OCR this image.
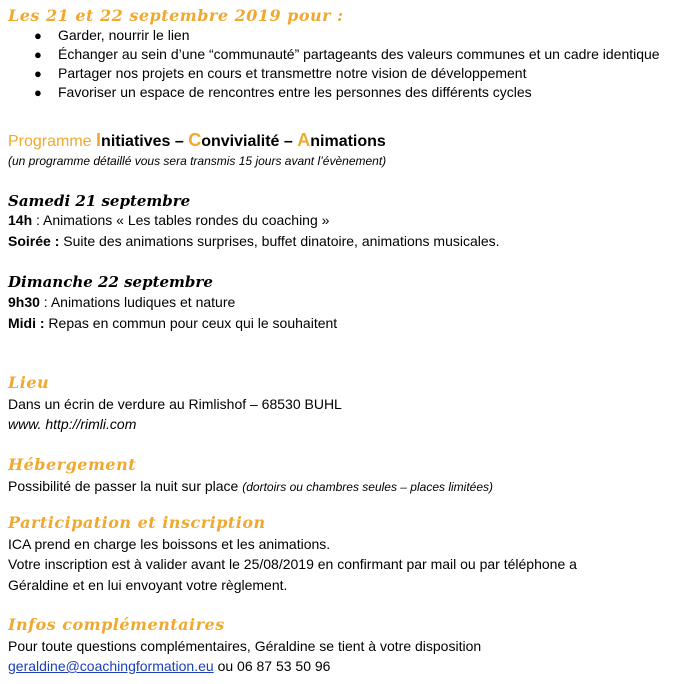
Les 21 et 22 septembre 2019 pour :
● Garder, nourrir le lien
● Échanger au sein d’une “communauté” partageants des valeurs communes et un cadre identique
● Partager nos projets en cours et transmettre notre vision de développement
● Favoriser un espace de rencontres entre les personnes des différents cycles
Programme Initiatives – Convivialité – Animations
(un programme détaillé vous sera transmis 15 jours avant l’évènement)
Samedi 21 septembre
14h : Animations « Les tables rondes du coaching »
Soirée : Suite des animations surprises, buffet dinatoire, animations musicales.
Dimanche 22 septembre
9h30 : Animations ludiques et nature
Midi : Repas en commun pour ceux qui le souhaitent
Lieu
Dans un écrin de verdure au Rimlishof – 68530 BUHL
www. http://rimli.com
Hébergement
Possibilité de passer la nuit sur place (dortoirs ou chambres seules – places limitées)
Participation et inscription
ICA prend en charge les boissons et les animations.
Votre inscription est à valider avant le 25/08/2019 en confirmant par mail ou par téléphone a
Géraldine et en lui envoyant votre règlement.
Infos complémentaires
Pour toute questions complémentaires, Géraldine se tient à votre disposition
geraldine@coachingformation.eu ou 06 87 53 50 96
